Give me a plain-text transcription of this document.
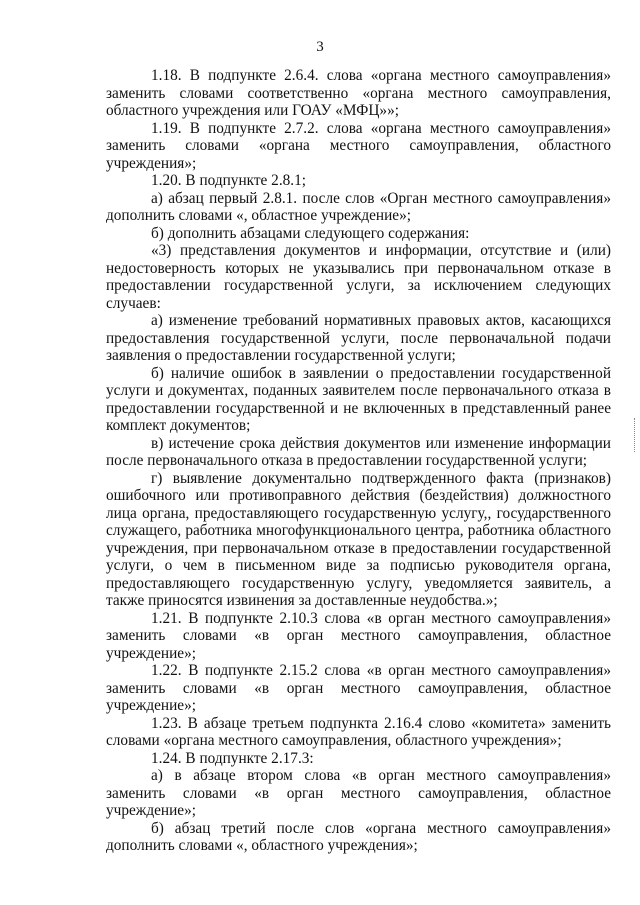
3

1.18. В подпункте 2.6.4. слова «органа местного самоуправления» заменить словами соответственно «органа местного самоуправления, областного учреждения или ГОАУ «МФЦ»»;

1.19. В подпункте 2.7.2. слова «органа местного самоуправления» заменить словами «органа местного самоуправления, областного учреждения»;

1.20. В подпункте 2.8.1;

а) абзац первый 2.8.1. после слов «Орган местного самоуправления» дополнить словами «, областное учреждение»;

б) дополнить абзацами следующего содержания:

«3) представления документов и информации, отсутствие и (или) недостоверность которых не указывались при первоначальном отказе в предоставлении государственной услуги, за исключением следующих случаев:

а) изменение требований нормативных правовых актов, касающихся предоставления государственной услуги, после первоначальной подачи заявления о предоставлении государственной услуги;

б) наличие ошибок в заявлении о предоставлении государственной услуги и документах, поданных заявителем после первоначального отказа в предоставлении государственной и не включенных в представленный ранее комплект документов;

в) истечение срока действия документов или изменение информации после первоначального отказа в предоставлении государственной услуги;

г) выявление документально подтвержденного факта (признаков) ошибочного или противоправного действия (бездействия) должностного лица органа, предоставляющего государственную услугу,, государственного служащего, работника многофункционального центра, работника областного учреждения, при первоначальном отказе в предоставлении государственной услуги, о чем в письменном виде за подписью руководителя органа, предоставляющего государственную услугу, уведомляется заявитель, а также приносятся извинения за доставленные неудобства.»;

1.21. В подпункте 2.10.3 слова «в орган местного самоуправления» заменить словами «в орган местного самоуправления, областное учреждение»;

1.22. В подпункте 2.15.2 слова «в орган местного самоуправления» заменить словами «в орган местного самоуправления, областное учреждение»;

1.23. В абзаце третьем подпункта 2.16.4 слово «комитета» заменить словами «органа местного самоуправления, областного учреждения»;

1.24. В подпункте 2.17.3:

а) в абзаце втором слова «в орган местного самоуправления» заменить словами «в орган местного самоуправления, областное учреждение»;

б) абзац третий после слов «органа местного самоуправления» дополнить словами «, областного учреждения»;
